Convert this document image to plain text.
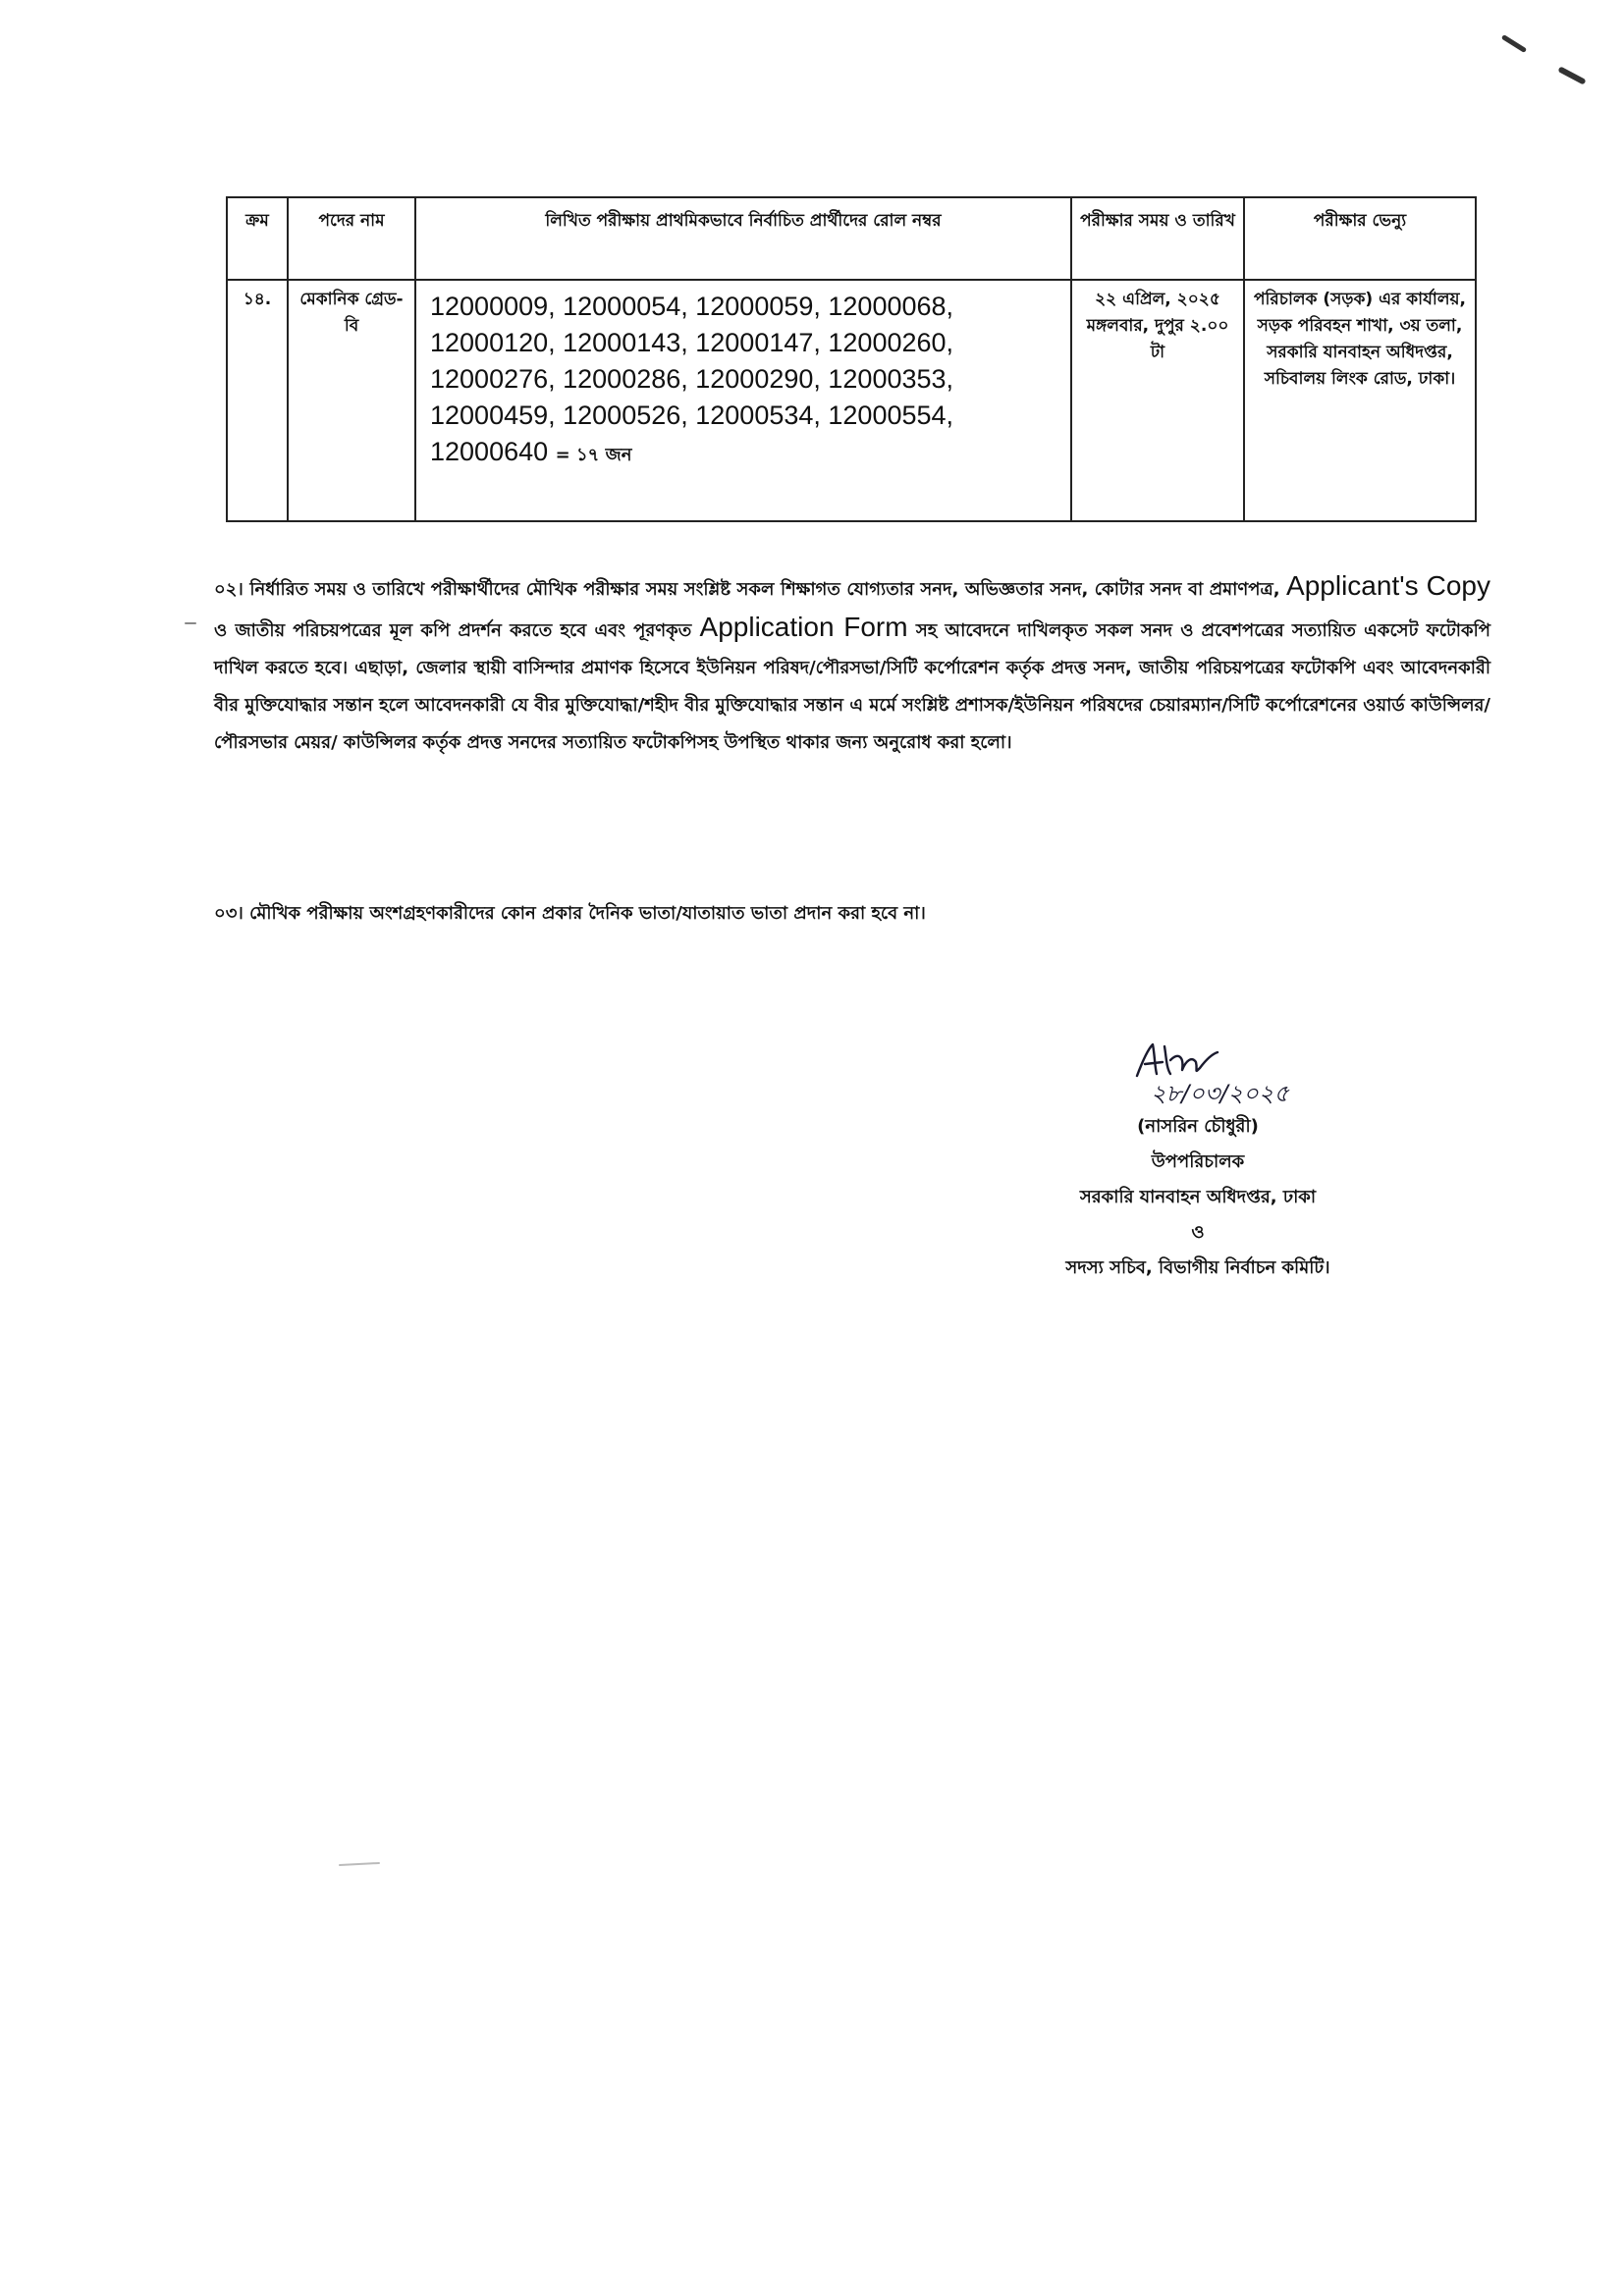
ক্রম	পদের নাম	লিখিত পরীক্ষায় প্রাথমিকভাবে নির্বাচিত প্রার্থীদের রোল নম্বর	পরীক্ষার সময় ও তারিখ	পরীক্ষার ভেন্যু
১৪.	মেকানিক গ্রেড-বি	12000009, 12000054, 12000059, 12000068, 12000120, 12000143, 12000147, 12000260, 12000276, 12000286, 12000290, 12000353, 12000459, 12000526, 12000534, 12000554, 12000640 = ১৭ জন	২২ এপ্রিল, ২০২৫ মঙ্গলবার, দুপুর ২.০০ টা	পরিচালক (সড়ক) এর কার্যালয়, সড়ক পরিবহন শাখা, ৩য় তলা, সরকারি যানবাহন অধিদপ্তর, সচিবালয় লিংক রোড, ঢাকা।

০২। নির্ধারিত সময় ও তারিখে পরীক্ষার্থীদের মৌখিক পরীক্ষার সময় সংশ্লিষ্ট সকল শিক্ষাগত যোগ্যতার সনদ, অভিজ্ঞতার সনদ, কোটার সনদ বা প্রমাণপত্র, Applicant's Copy ও জাতীয় পরিচয়পত্রের মূল কপি প্রদর্শন করতে হবে এবং পূরণকৃত Application Form সহ আবেদনে দাখিলকৃত সকল সনদ ও প্রবেশপত্রের সত্যায়িত একসেট ফটোকপি দাখিল করতে হবে। এছাড়া, জেলার স্থায়ী বাসিন্দার প্রমাণক হিসেবে ইউনিয়ন পরিষদ/পৌরসভা/সিটি কর্পোরেশন কর্তৃক প্রদত্ত সনদ, জাতীয় পরিচয়পত্রের ফটোকপি এবং আবেদনকারী বীর মুক্তিযোদ্ধার সন্তান হলে আবেদনকারী যে বীর মুক্তিযোদ্ধা/শহীদ বীর মুক্তিযোদ্ধার সন্তান এ মর্মে সংশ্লিষ্ট প্রশাসক/ইউনিয়ন পরিষদের চেয়ারম্যান/সিটি কর্পোরেশনের ওয়ার্ড কাউন্সিলর/ পৌরসভার মেয়র/ কাউন্সিলর কর্তৃক প্রদত্ত সনদের সত্যায়িত ফটোকপিসহ উপস্থিত থাকার জন্য অনুরোধ করা হলো।

০৩। মৌখিক পরীক্ষায় অংশগ্রহণকারীদের কোন প্রকার দৈনিক ভাতা/যাতায়াত ভাতা প্রদান করা হবে না।

২৮/০৩/২০২৫

(নাসরিন চৌধুরী)

উপপরিচালক

সরকারি যানবাহন অধিদপ্তর, ঢাকা

ও

সদস্য সচিব, বিভাগীয় নির্বাচন কমিটি।
